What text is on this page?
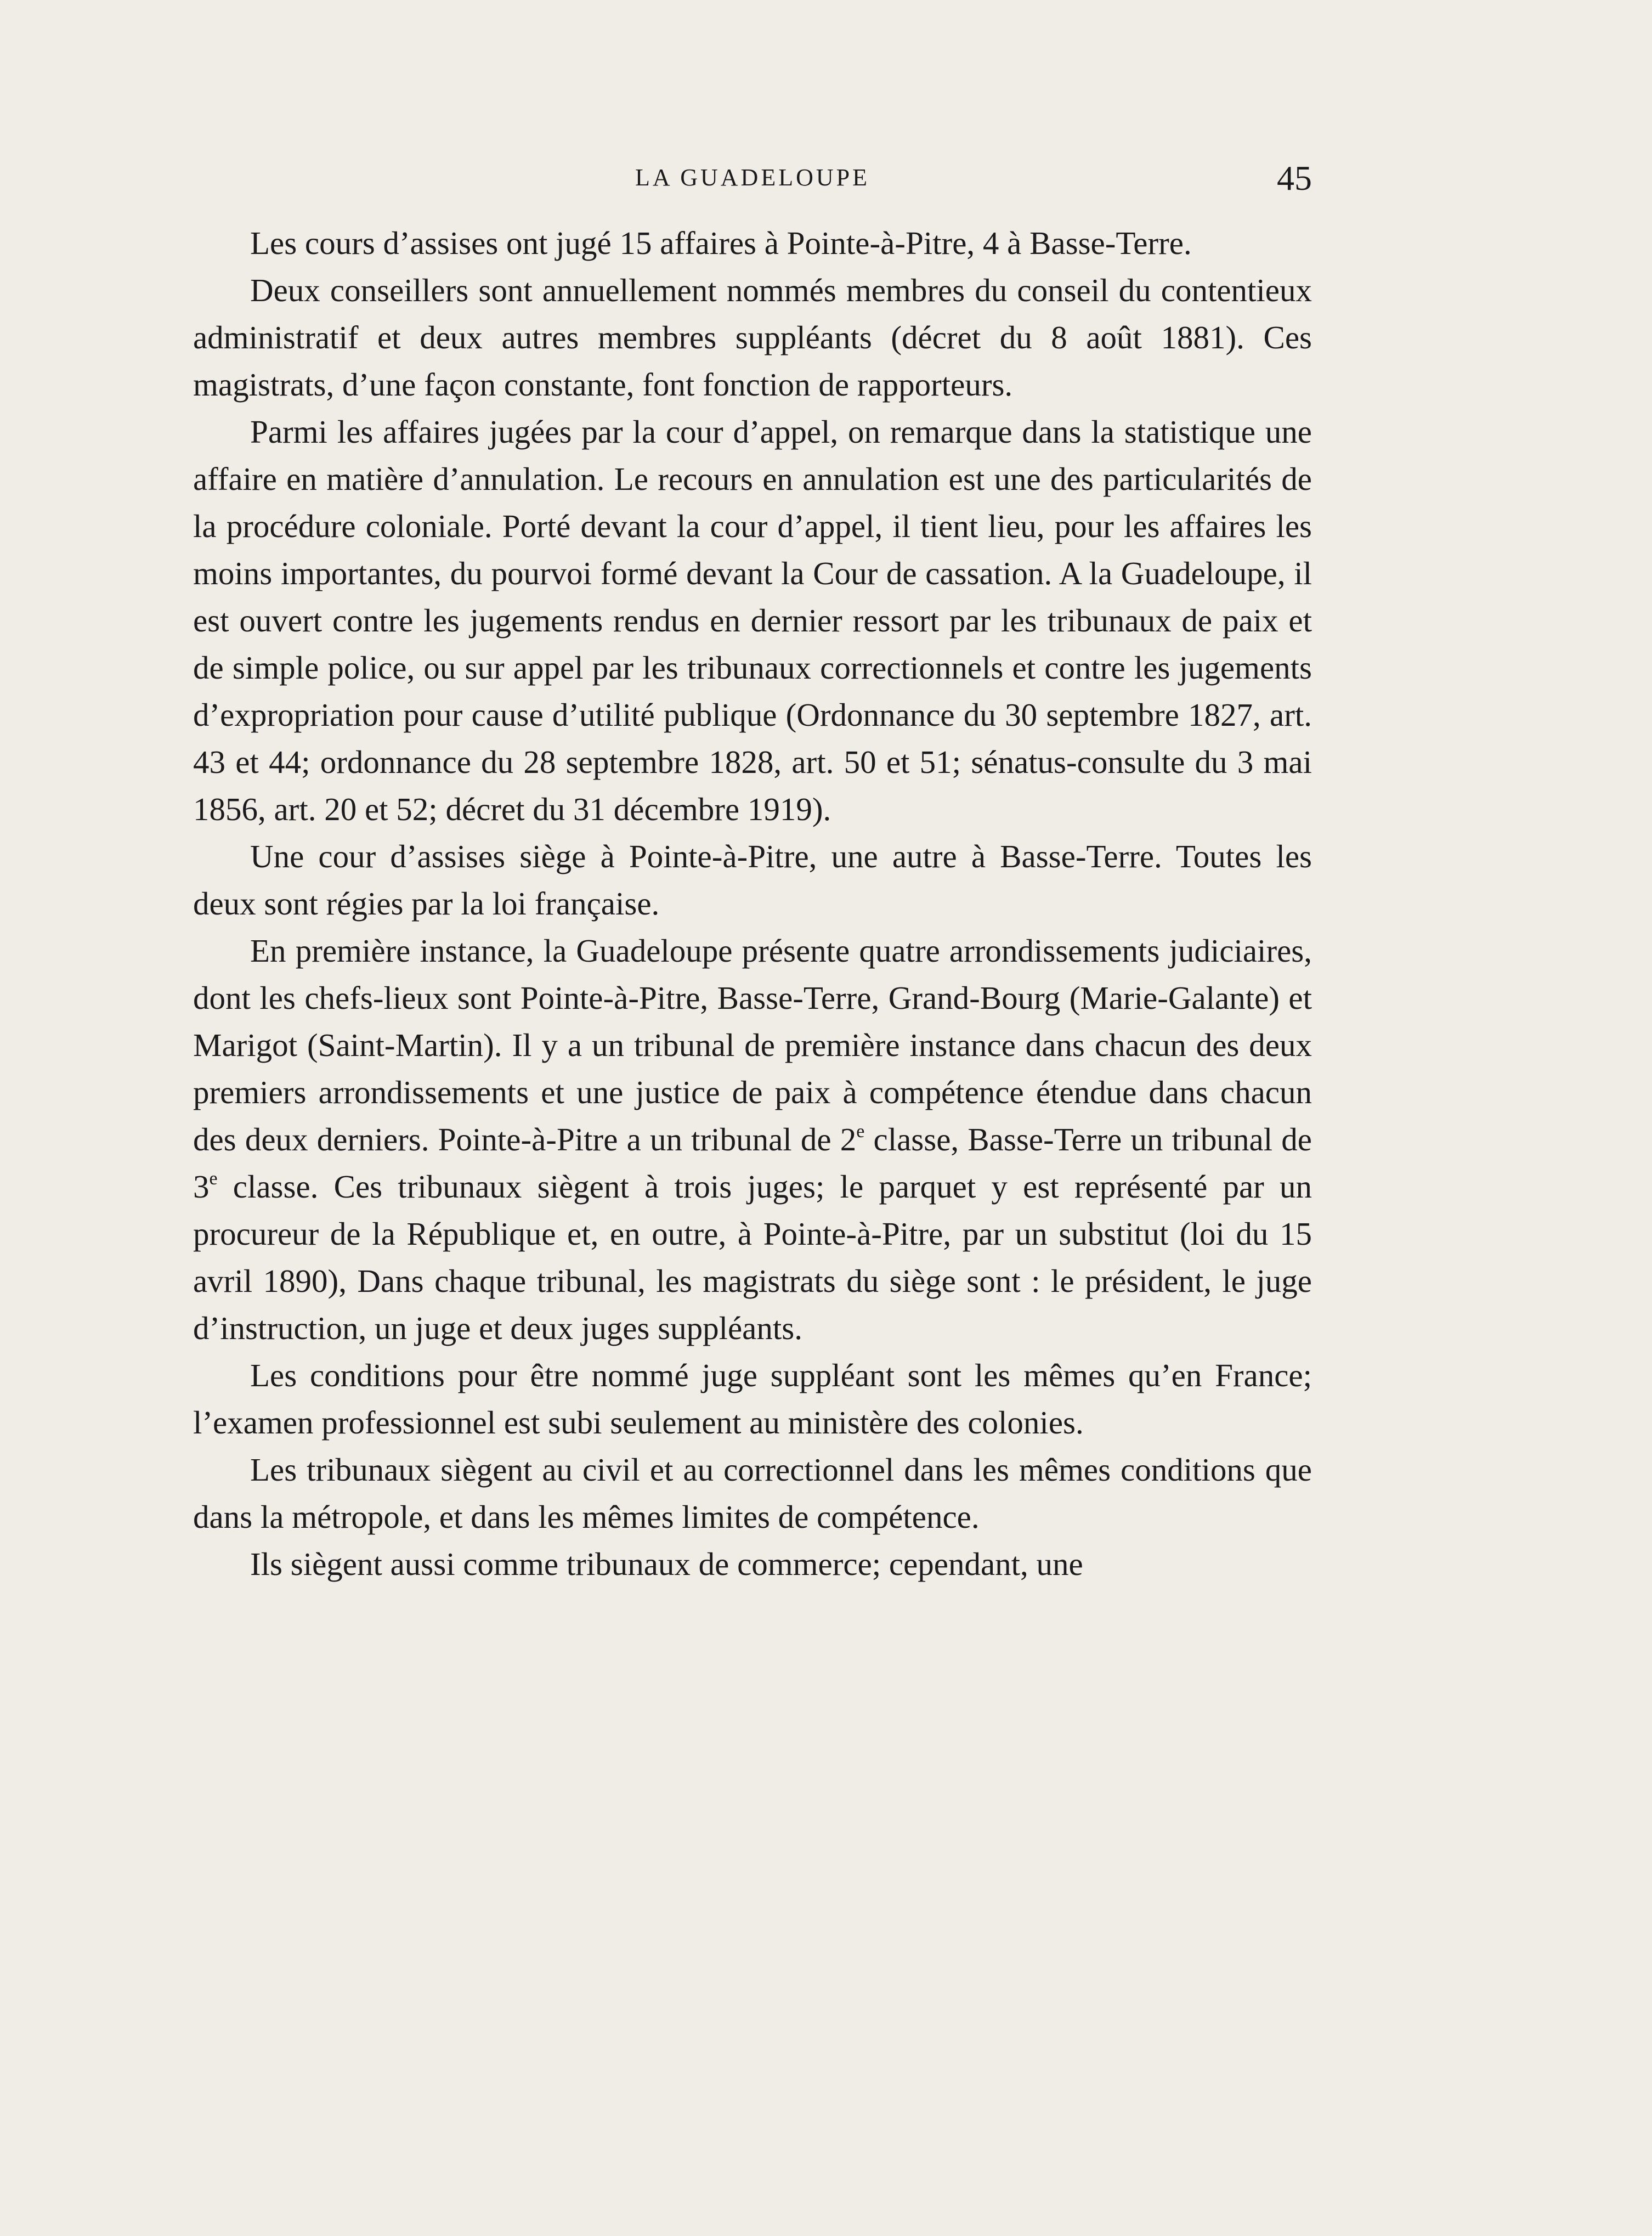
LA GUADELOUPE	45

Les cours d’assises ont jugé 15 affaires à Pointe-à-Pitre, 4 à Basse-Terre.

Deux conseillers sont annuellement nommés membres du conseil du contentieux administratif et deux autres membres suppléants (décret du 8 août 1881). Ces magistrats, d’une façon constante, font fonction de rapporteurs.

Parmi les affaires jugées par la cour d’appel, on remarque dans la statistique une affaire en matière d’annulation. Le recours en annulation est une des particularités de la procédure coloniale. Porté devant la cour d’appel, il tient lieu, pour les affaires les moins importantes, du pourvoi formé devant la Cour de cassation. A la Guadeloupe, il est ouvert contre les jugements rendus en dernier ressort par les tribunaux de paix et de simple police, ou sur appel par les tribunaux correctionnels et contre les jugements d’expropriation pour cause d’utilité publique (Ordonnance du 30 septembre 1827, art. 43 et 44; ordonnance du 28 septembre 1828, art. 50 et 51; sénatus-consulte du 3 mai 1856, art. 20 et 52; décret du 31 décembre 1919).

Une cour d’assises siège à Pointe-à-Pitre, une autre à Basse-Terre. Toutes les deux sont régies par la loi française.

En première instance, la Guadeloupe présente quatre arrondissements judiciaires, dont les chefs-lieux sont Pointe-à-Pitre, Basse-Terre, Grand-Bourg (Marie-Galante) et Marigot (Saint-Martin). Il y a un tribunal de première instance dans chacun des deux premiers arrondissements et une justice de paix à compétence étendue dans chacun des deux derniers. Pointe-à-Pitre a un tribunal de 2e classe, Basse-Terre un tribunal de 3e classe. Ces tribunaux siègent à trois juges; le parquet y est représenté par un procureur de la République et, en outre, à Pointe-à-Pitre, par un substitut (loi du 15 avril 1890), Dans chaque tribunal, les magistrats du siège sont : le président, le juge d’instruction, un juge et deux juges suppléants.

Les conditions pour être nommé juge suppléant sont les mêmes qu’en France; l’examen professionnel est subi seulement au ministère des colonies.

Les tribunaux siègent au civil et au correctionnel dans les mêmes conditions que dans la métropole, et dans les mêmes limites de compétence.

Ils siègent aussi comme tribunaux de commerce; cependant, une
